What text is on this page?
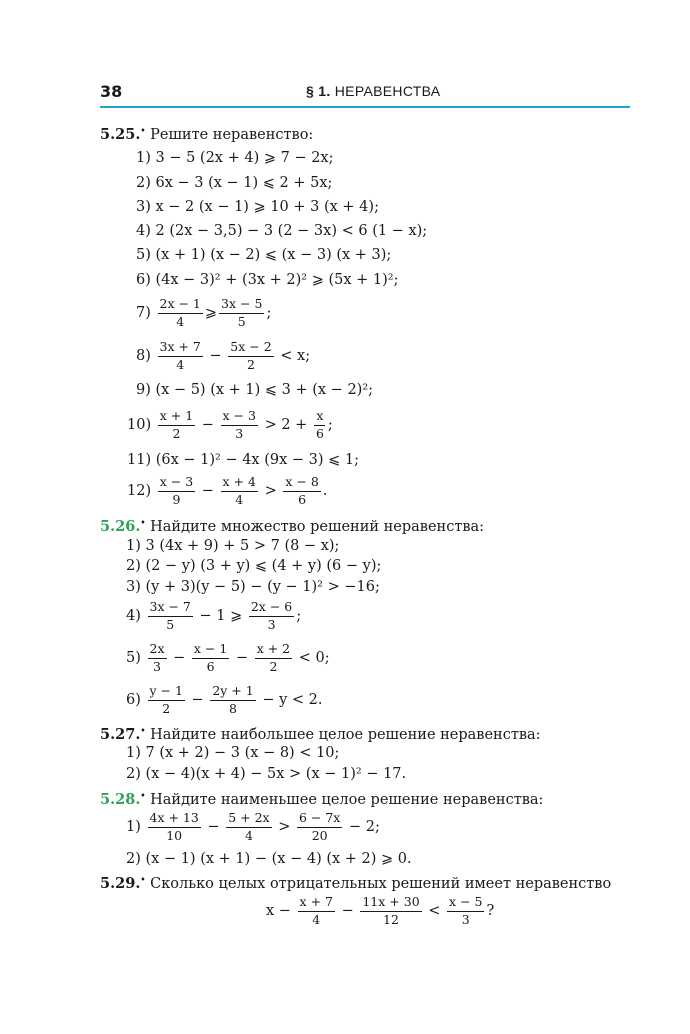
38	§ 1. НЕРАВЕНСТВА
5.25.• Решите неравенство:
1) 3 − 5 (2x + 4) ⩾ 7 − 2x;
2) 6x − 3 (x − 1) ⩽ 2 + 5x;
3) x − 2 (x − 1) ⩾ 10 + 3 (x + 4);
4) 2 (2x − 3,5) − 3 (2 − 3x) < 6 (1 − x);
5) (x + 1) (x − 2) ⩽ (x − 3) (x + 3);
6) (4x − 3)² + (3x + 2)² ⩾ (5x + 1)²;
$7) \frac{2x - 1}{4}$ ⩾ $\frac{3x - 5}{5}$ ;
$8) \frac{3x + 7}{4} - \frac{5x - 2}{2} < x$;
9) (x − 5) (x + 1) ⩽ 3 + (x − 2)²;
$10) \frac{x + 1}{2} - \frac{x - 3}{3} > 2 + \frac{x}{6}$ ;
11) (6x − 1)² − 4x (9x − 3) ⩽ 1;
$12) \frac{x - 3}{9} - \frac{x + 4}{4} > \frac{x - 8}{6}$ .
5.26.• Найдите множество решений неравенства:
1) 3 (4x + 9) + 5 > 7 (8 − x);
2) (2 − y) (3 + y) ⩽ (4 + y) (6 − y);
3) (y + 3)(y − 5) − (y − 1)² > −16;
$4) \frac{3x - 7}{5} - 1$ ⩾ $\frac{2x - 6}{3}$ ;
$5) \frac{2x}{3} - \frac{x - 1}{6} - \frac{x + 2}{2} < 0$;
$6) \frac{y - 1}{2} - \frac{2y + 1}{8} - y < 2$.
5.27.• Найдите наибольшее целое решение неравенства:
1) 7 (x + 2) − 3 (x − 8) < 10;
2) (x − 4)(x + 4) − 5x > (x − 1)² − 17.
5.28.• Найдите наименьшее целое решение неравенства:
$1) \frac{4x + 13}{10} - \frac{5 + 2x}{4} > \frac{6 - 7x}{20} - 2$;
2) (x − 1) (x + 1) − (x − 4) (x + 2) ⩾ 0.
5.29.• Сколько целых отрицательных решений имеет неравенство
$x - \frac{x + 7}{4} - \frac{11x + 30}{12} < \frac{x - 5}{3}$ ?
